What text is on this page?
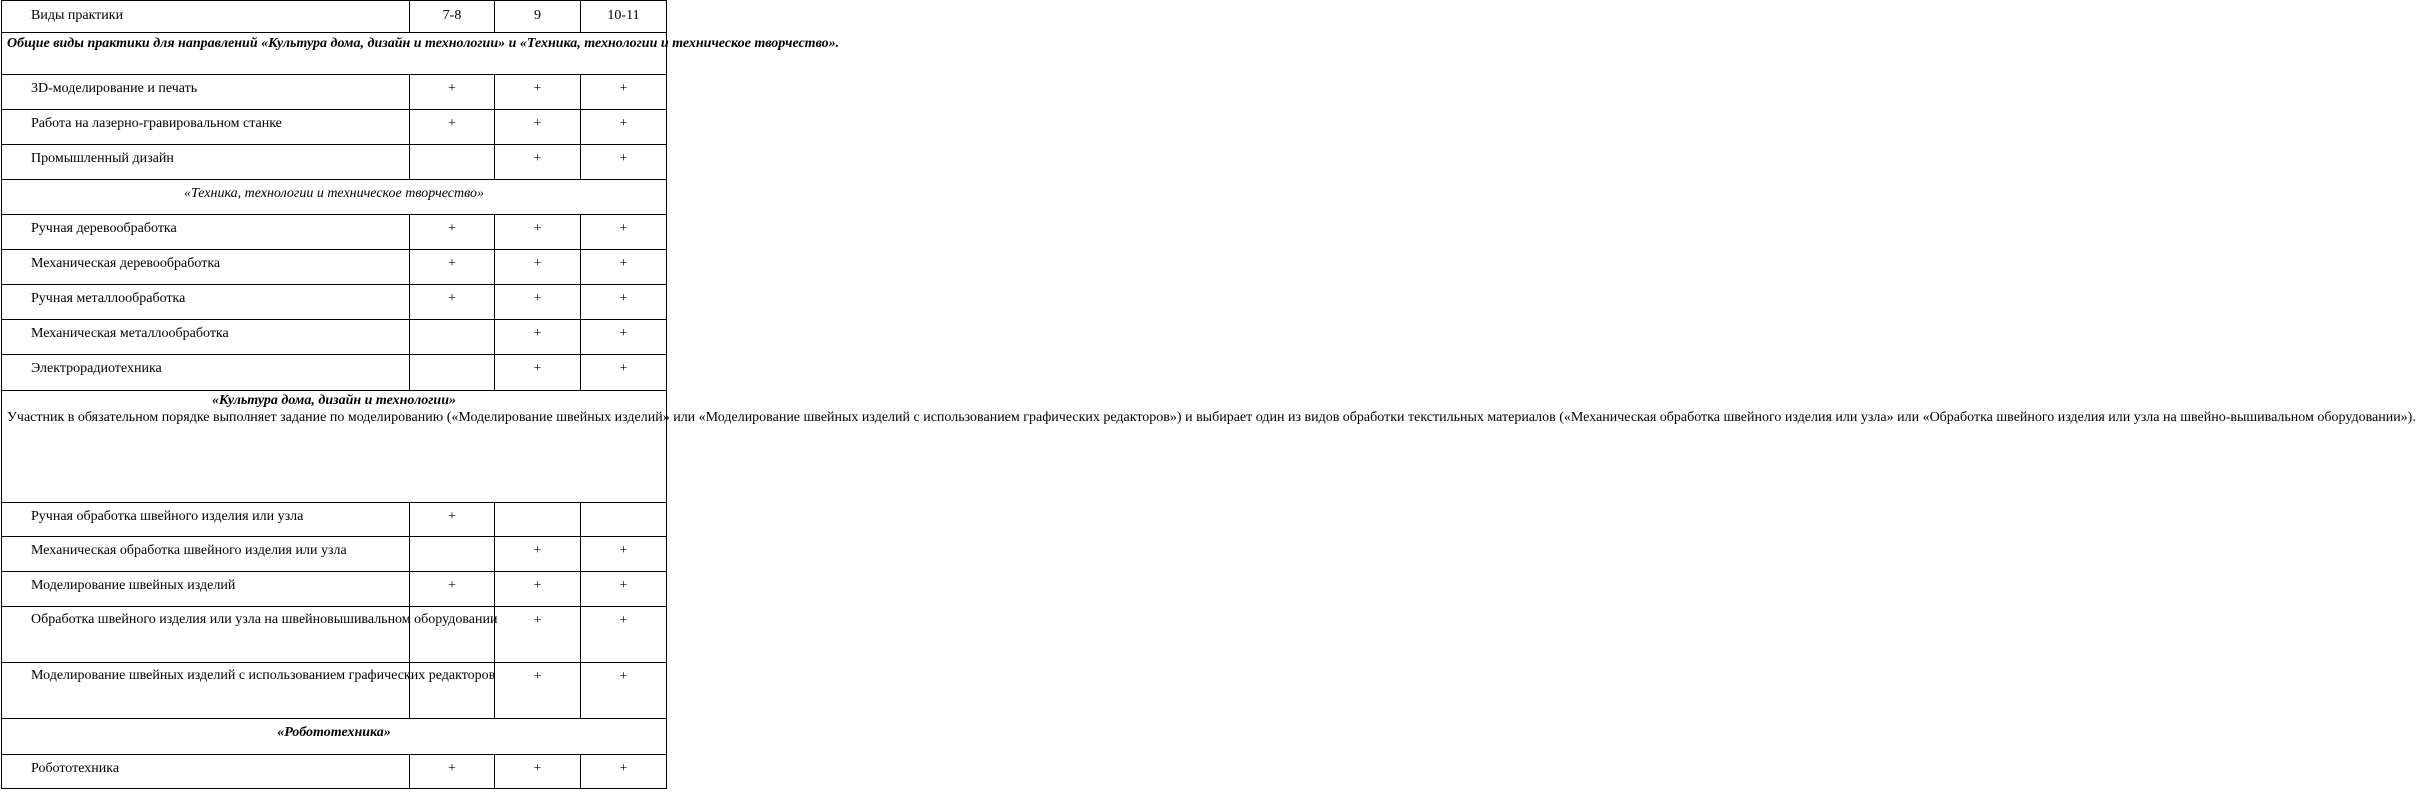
Виды практики	7-8	9	10-11
Общие виды практики для направлений «Культура дома, дизайн и технологии» и «Техника, технологии и техническое творчество».			
3D-моделирование и печать	+	+	+
Работа на лазерно-гравировальном станке	+	+	+
Промышленный дизайн		+	+
«Техника, технологии и техническое творчество»			
Ручная деревообработка	+	+	+
Механическая деревообработка	+	+	+
Ручная металлообработка	+	+	+
Механическая металлообработка		+	+
Электрорадиотехника		+	+

«Культура дома, дизайн и технологии»
Участник в обязательном порядке выполняет задание по моделированию («Моделирование швейных изделий» или «Моделирование швейных изделий с использованием графических редакторов») и выбирает один из видов обработки текстильных материалов («Механическая обработка швейного изделия или узла» или «Обработка швейного изделия или узла на швейно-вышивальном оборудовании»).			

Ручная обработка швейного изделия или узла	+		
Механическая обработка швейного изделия или узла		+	+
Моделирование швейных изделий	+	+	+
Обработка швейного изделия или узла на швейновышивальном оборудовании		+	+
Моделирование швейных изделий с использованием графических редакторов		+	+
«Робототехника»			
Робототехника	+	+	+
